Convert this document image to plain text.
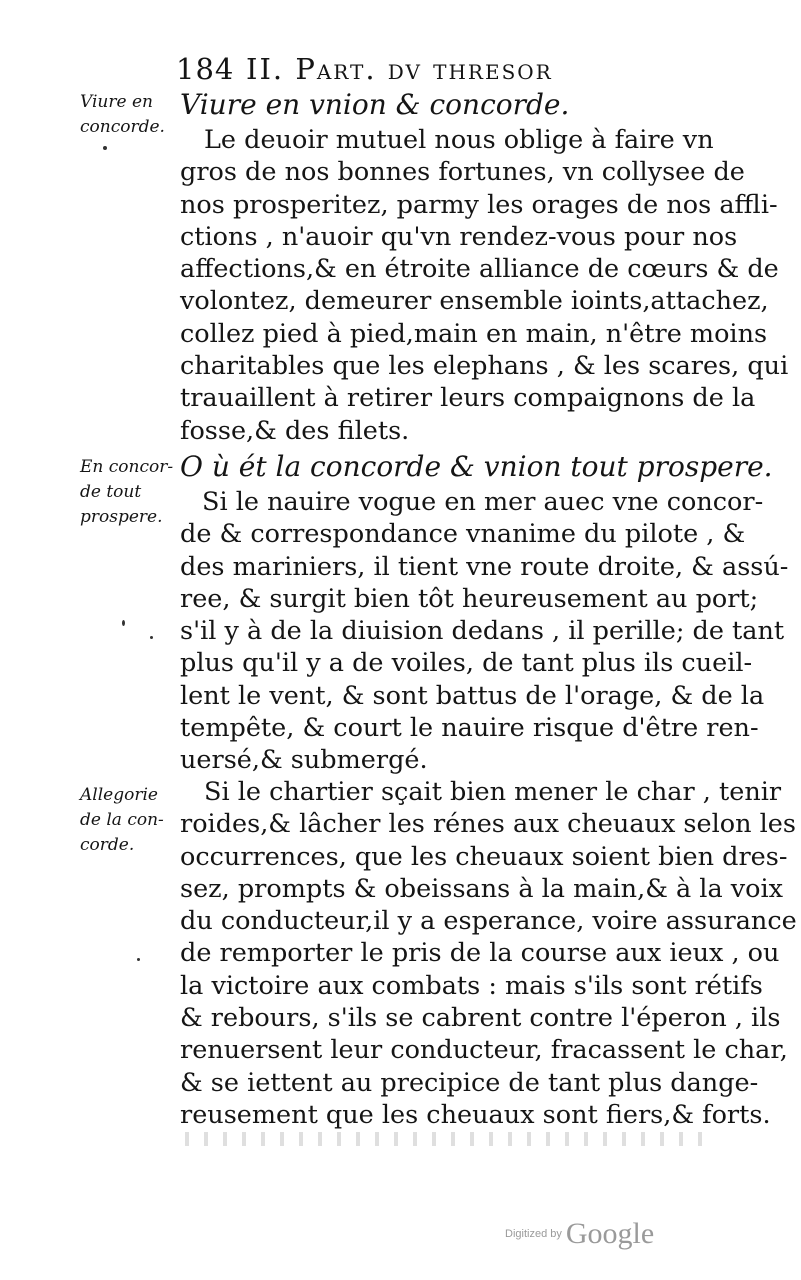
184 II. Part. dv thresor
Viure en
concorde.
Viure en vnion & concorde.
Le deuoir mutuel nous oblige à faire vn
gros de nos bonnes fortunes, vn collysee de
nos prosperitez, parmy les orages de nos affli-
ctions , n'auoir qu'vn rendez-vous pour nos
affections,& en étroite alliance de cœurs & de
volontez, demeurer ensemble ioints,attachez,
collez pied à pied,main en main, n'être moins
charitables que les elephans , & les scares, qui
trauaillent à retirer leurs compaignons de la
fosse,& des filets.
En concor-
de tout
prospere.
O ù ét la concorde & vnion tout prospere.
Si le nauire vogue en mer auec vne concor-
de & correspondance vnanime du pilote , &
des mariniers, il tient vne route droite, & assú-
ree, & surgit bien tôt heureusement au port;
s'il y à de la diuision dedans , il perille; de tant
plus qu'il y a de voiles, de tant plus ils cueil-
lent le vent, & sont battus de l'orage, & de la
tempête, & court le nauire risque d'être ren-
uersé,& submergé.
Allegorie
de la con-
corde.
Si le chartier sçait bien mener le char , tenir
roides,& lâcher les rénes aux cheuaux selon les
occurrences, que les cheuaux soient bien dres-
sez, prompts & obeissans à la main,& à la voix
du conducteur,il y a esperance, voire assurance
de remporter le pris de la course aux ieux , ou
la victoire aux combats : mais s'ils sont rétifs
& rebours, s'ils se cabrent contre l'éperon , ils
renuersent leur conducteur, fracassent le char,
& se iettent au precipice de tant plus dange-
reusement que les cheuaux sont fiers,& forts.
Digitized by Google
